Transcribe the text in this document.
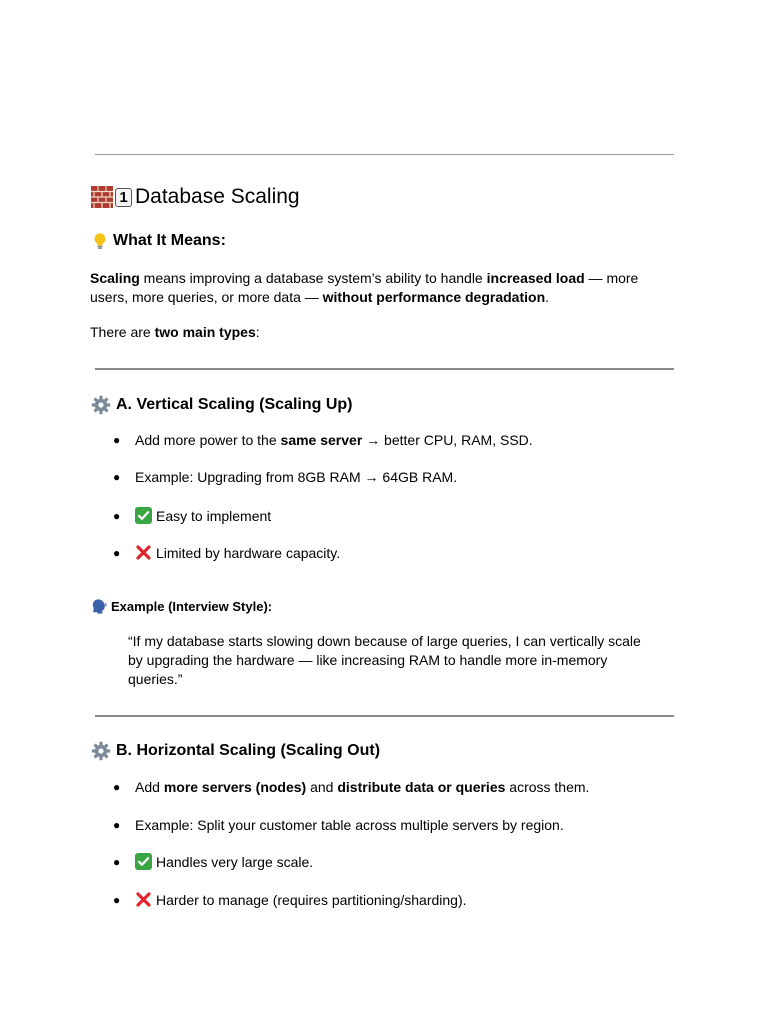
1 Database Scaling
What It Means:

Scaling means improving a database system’s ability to handle increased load — more users, more queries, or more data — without performance degradation.

There are two main types:

A. Vertical Scaling (Scaling Up)
●	Add more power to the same server → better CPU, RAM, SSD.
●	Example: Upgrading from 8GB RAM → 64GB RAM.
●	Easy to implement
●	Limited by hardware capacity.
Example (Interview Style):

“If my database starts slowing down because of large queries, I can vertically scale by upgrading the hardware — like increasing RAM to handle more in-memory queries.”

B. Horizontal Scaling (Scaling Out)
●	Add more servers (nodes) and distribute data or queries across them.
●	Example: Split your customer table across multiple servers by region.
●	Handles very large scale.
●	Harder to manage (requires partitioning/sharding).
